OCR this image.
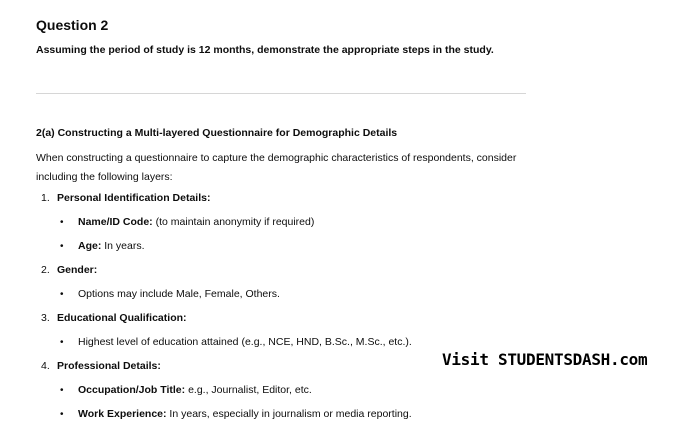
Question 2
Assuming the period of study is 12 months, demonstrate the appropriate steps in the study.
2(a) Constructing a Multi-layered Questionnaire for Demographic Details
When constructing a questionnaire to capture the demographic characteristics of respondents, consider including the following layers:
1. Personal Identification Details:
• Name/ID Code: (to maintain anonymity if required)
• Age: In years.
2. Gender:
• Options may include Male, Female, Others.
3. Educational Qualification:
• Highest level of education attained (e.g., NCE, HND, B.Sc., M.Sc., etc.).
4. Professional Details:
• Occupation/Job Title: e.g., Journalist, Editor, etc.
• Work Experience: In years, especially in journalism or media reporting.
Visit STUDENTSDASH.com
